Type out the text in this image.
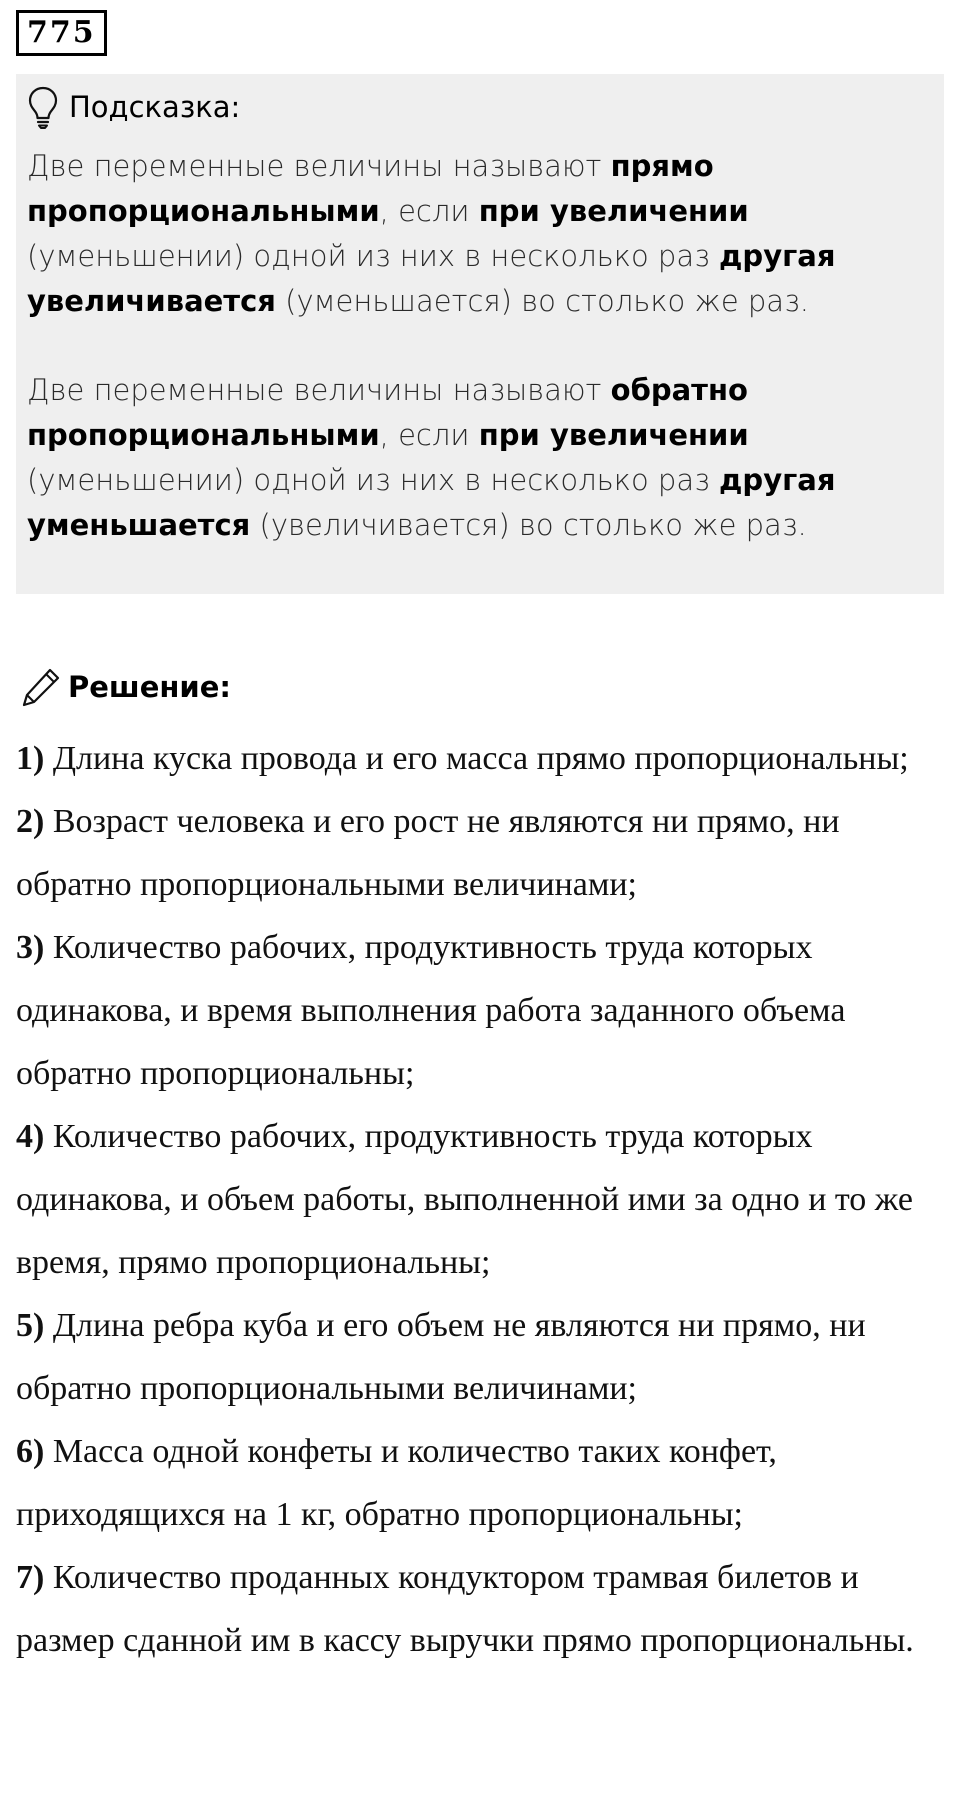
775
Подсказка:

Две переменные величины называют прямо пропорциональными, если при увеличении (уменьшении) одной из них в несколько раз другая увеличивается (уменьшается) во столько же раз.

Две переменные величины называют обратно пропорциональными, если при увеличении (уменьшении) одной из них в несколько раз другая уменьшается (увеличивается) во столько же раз.

Решение:
1) Длина куска провода и его масса прямо пропорциональны;
2) Возраст человека и его рост не являются ни прямо, ни обратно пропорциональными величинами;
3) Количество рабочих, продуктивность труда которых одинакова, и время выполнения работа заданного объема обратно пропорциональны;
4) Количество рабочих, продуктивность труда которых одинакова, и объем работы, выполненной ими за одно и то же время, прямо пропорциональны;
5) Длина ребра куба и его объем не являются ни прямо, ни обратно пропорциональными величинами;
6) Масса одной конфеты и количество таких конфет, приходящихся на 1 кг, обратно пропорциональны;
7) Количество проданных кондуктором трамвая билетов и размер сданной им в кассу выручки прямо пропорциональны.
